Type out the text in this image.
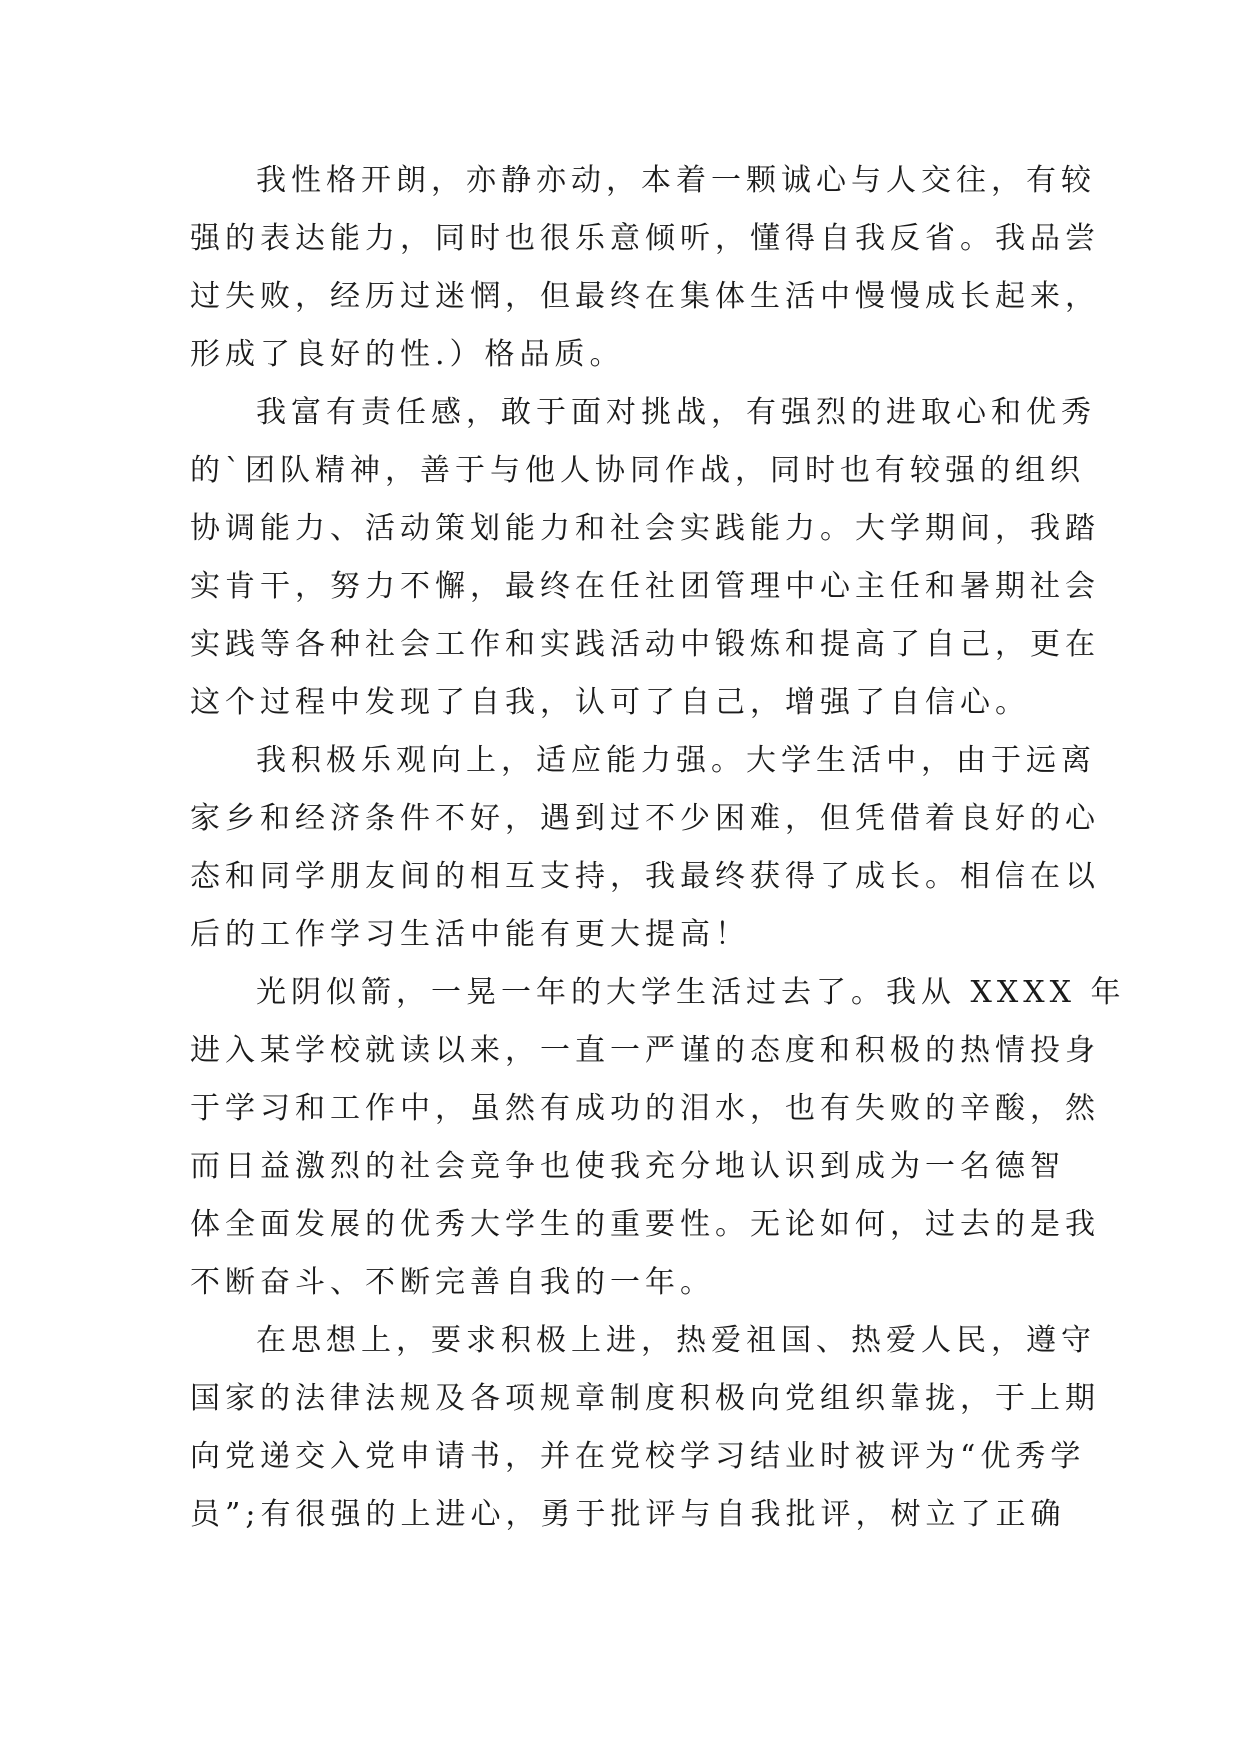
我性格开朗，亦静亦动，本着一颗诚心与人交往，有较
强的表达能力，同时也很乐意倾听，懂得自我反省。我品尝
过失败，经历过迷惘，但最终在集体生活中慢慢成长起来，
形成了良好的性.）格品质。
我富有责任感，敢于面对挑战，有强烈的进取心和优秀
的`团队精神，善于与他人协同作战，同时也有较强的组织
协调能力、活动策划能力和社会实践能力。大学期间，我踏
实肯干，努力不懈，最终在任社团管理中心主任和暑期社会
实践等各种社会工作和实践活动中锻炼和提高了自己，更在
这个过程中发现了自我，认可了自己，增强了自信心。
我积极乐观向上，适应能力强。大学生活中，由于远离
家乡和经济条件不好，遇到过不少困难，但凭借着良好的心
态和同学朋友间的相互支持，我最终获得了成长。相信在以
后的工作学习生活中能有更大提高！
光阴似箭，一晃一年的大学生活过去了。我从 XXXX 年
进入某学校就读以来，一直一严谨的态度和积极的热情投身
于学习和工作中，虽然有成功的泪水，也有失败的辛酸，然
而日益激烈的社会竞争也使我充分地认识到成为一名德智
体全面发展的优秀大学生的重要性。无论如何，过去的是我
不断奋斗、不断完善自我的一年。
在思想上，要求积极上进，热爱祖国、热爱人民，遵守
国家的法律法规及各项规章制度积极向党组织靠拢，于上期
向党递交入党申请书，并在党校学习结业时被评为“优秀学
员”;有很强的上进心，勇于批评与自我批评，树立了正确
